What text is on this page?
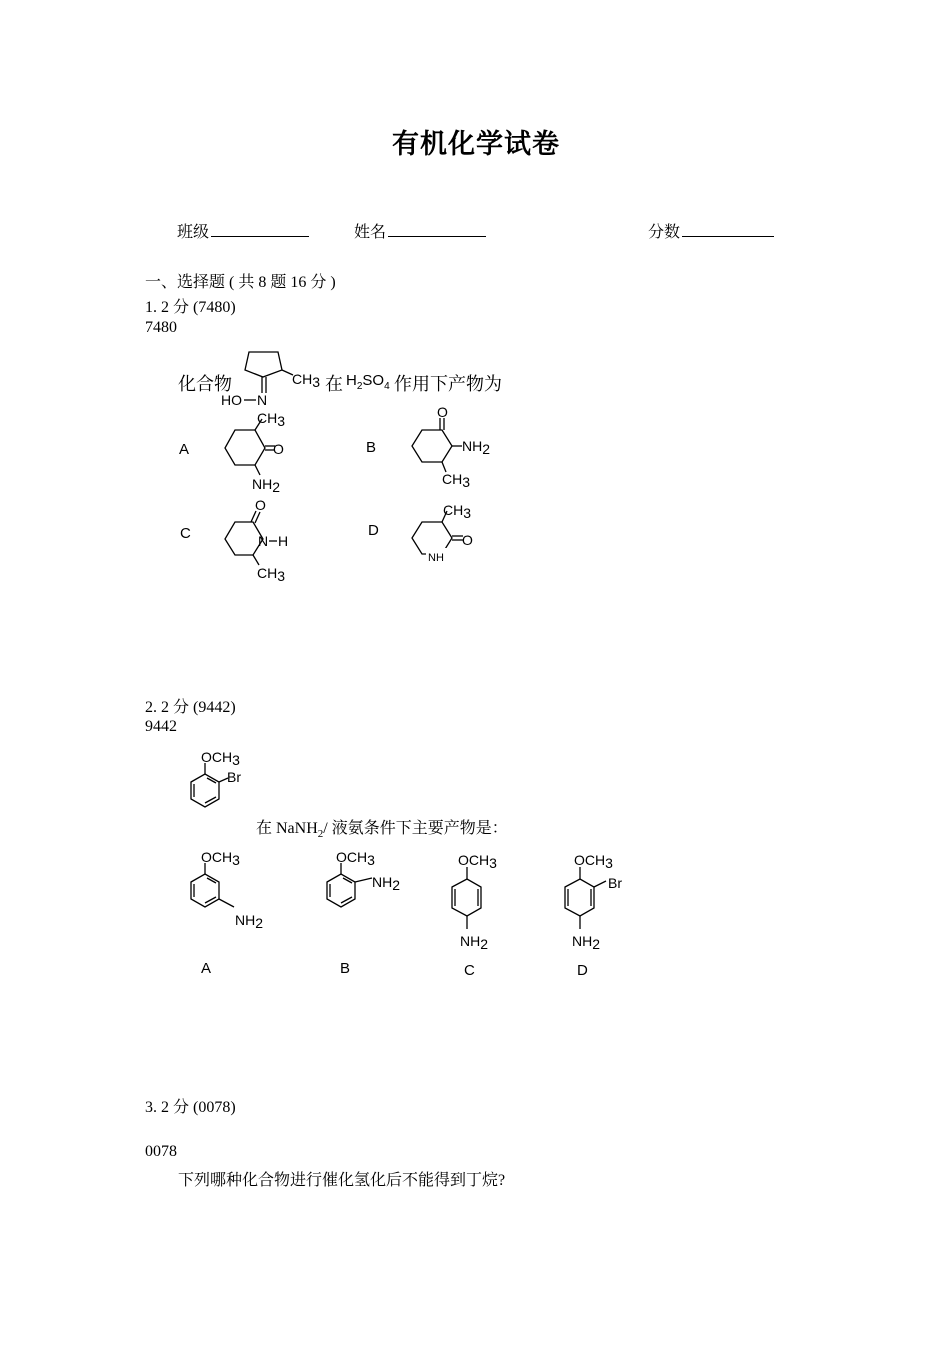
有机化学试卷
班级	姓名	分数
一、选择题 ( 共 8 题 16 分 )
1. 2 分 (7480)
7480
化合物	CH3
HO N
在 $H_2SO_4$ 作用下产物为
A
CH3
O
NH2
B
O
NH2
CH3
C
O
N H
CH3
D
CH3
O
NH
2. 2 分 (9442)
9442
OCH3
Br
在 NaNH$_2$/ 液氨条件下主要产物是：
OCH3
NH2
A
OCH3
NH2
B
OCH3
NH2
C
OCH3
Br
NH2
D
3. 2 分 (0078)
0078
下列哪种化合物进行催化氢化后不能得到丁烷?
